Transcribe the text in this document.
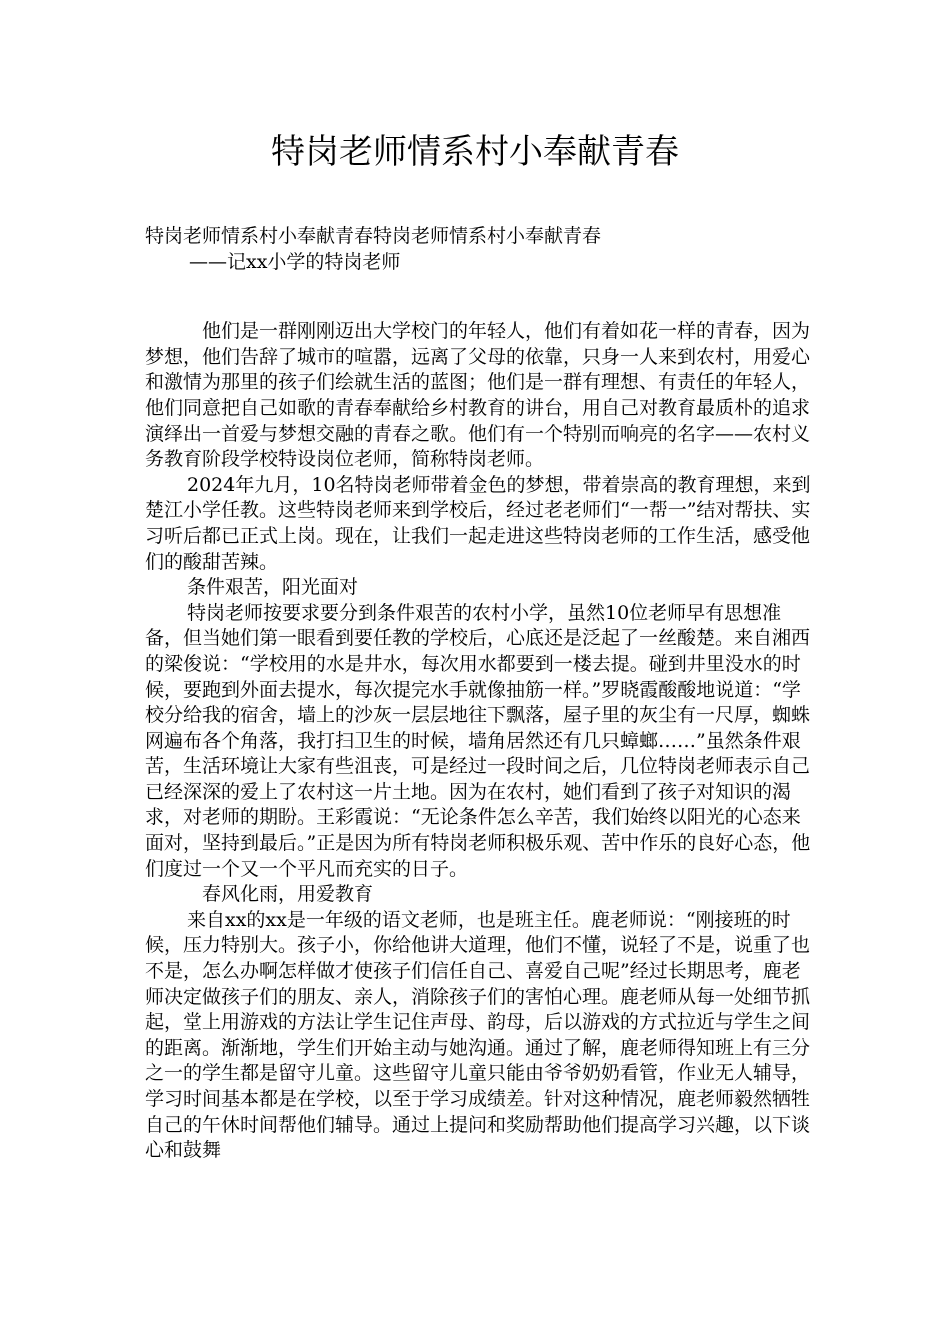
特岗老师情系村小奉献青春

特岗老师情系村小奉献青春特岗老师情系村小奉献青春

——记xx小学的特岗老师

他们是一群刚刚迈出大学校门的年轻人，他们有着如花一样的青春，因为梦想，他们告辞了城市的喧嚣，远离了父母的依靠，只身一人来到农村，用爱心和激情为那里的孩子们绘就生活的蓝图；他们是一群有理想、有责任的年轻人，他们同意把自己如歌的青春奉献给乡村教育的讲台，用自己对教育最质朴的追求演绎出一首爱与梦想交融的青春之歌。他们有一个特别而响亮的名字——农村义务教育阶段学校特设岗位老师，简称特岗老师。

2024年九月，10名特岗老师带着金色的梦想，带着崇高的教育理想，来到楚江小学任教。这些特岗老师来到学校后，经过老老师们“一帮一”结对帮扶、实习听后都已正式上岗。现在，让我们一起走进这些特岗老师的工作生活，感受他们的酸甜苦辣。

条件艰苦，阳光面对

特岗老师按要求要分到条件艰苦的农村小学，虽然10位老师早有思想准备，但当她们第一眼看到要任教的学校后，心底还是泛起了一丝酸楚。来自湘西的梁俊说：“学校用的水是井水，每次用水都要到一楼去提。碰到井里没水的时候，要跑到外面去提水，每次提完水手就像抽筋一样。”罗晓霞酸酸地说道：“学校分给我的宿舍，墙上的沙灰一层层地往下飘落，屋子里的灰尘有一尺厚，蜘蛛网遍布各个角落，我打扫卫生的时候，墙角居然还有几只蟑螂……”虽然条件艰苦，生活环境让大家有些沮丧，可是经过一段时间之后，几位特岗老师表示自己已经深深的爱上了农村这一片土地。因为在农村，她们看到了孩子对知识的渴求，对老师的期盼。王彩霞说：“无论条件怎么辛苦，我们始终以阳光的心态来面对，坚持到最后。”正是因为所有特岗老师积极乐观、苦中作乐的良好心态，他们度过一个又一个平凡而充实的日子。

春风化雨，用爱教育

来自xx的xx是一年级的语文老师，也是班主任。鹿老师说：“刚接班的时候，压力特别大。孩子小，你给他讲大道理，他们不懂，说轻了不是，说重了也不是，怎么办啊怎样做才使孩子们信任自己、喜爱自己呢”经过长期思考，鹿老师决定做孩子们的朋友、亲人，消除孩子们的害怕心理。鹿老师从每一处细节抓起，堂上用游戏的方法让学生记住声母、韵母，后以游戏的方式拉近与学生之间的距离。渐渐地，学生们开始主动与她沟通。通过了解，鹿老师得知班上有三分之一的学生都是留守儿童。这些留守儿童只能由爷爷奶奶看管，作业无人辅导，学习时间基本都是在学校，以至于学习成绩差。针对这种情况，鹿老师毅然牺牲自己的午休时间帮他们辅导。通过上提问和奖励帮助他们提高学习兴趣，以下谈心和鼓舞
